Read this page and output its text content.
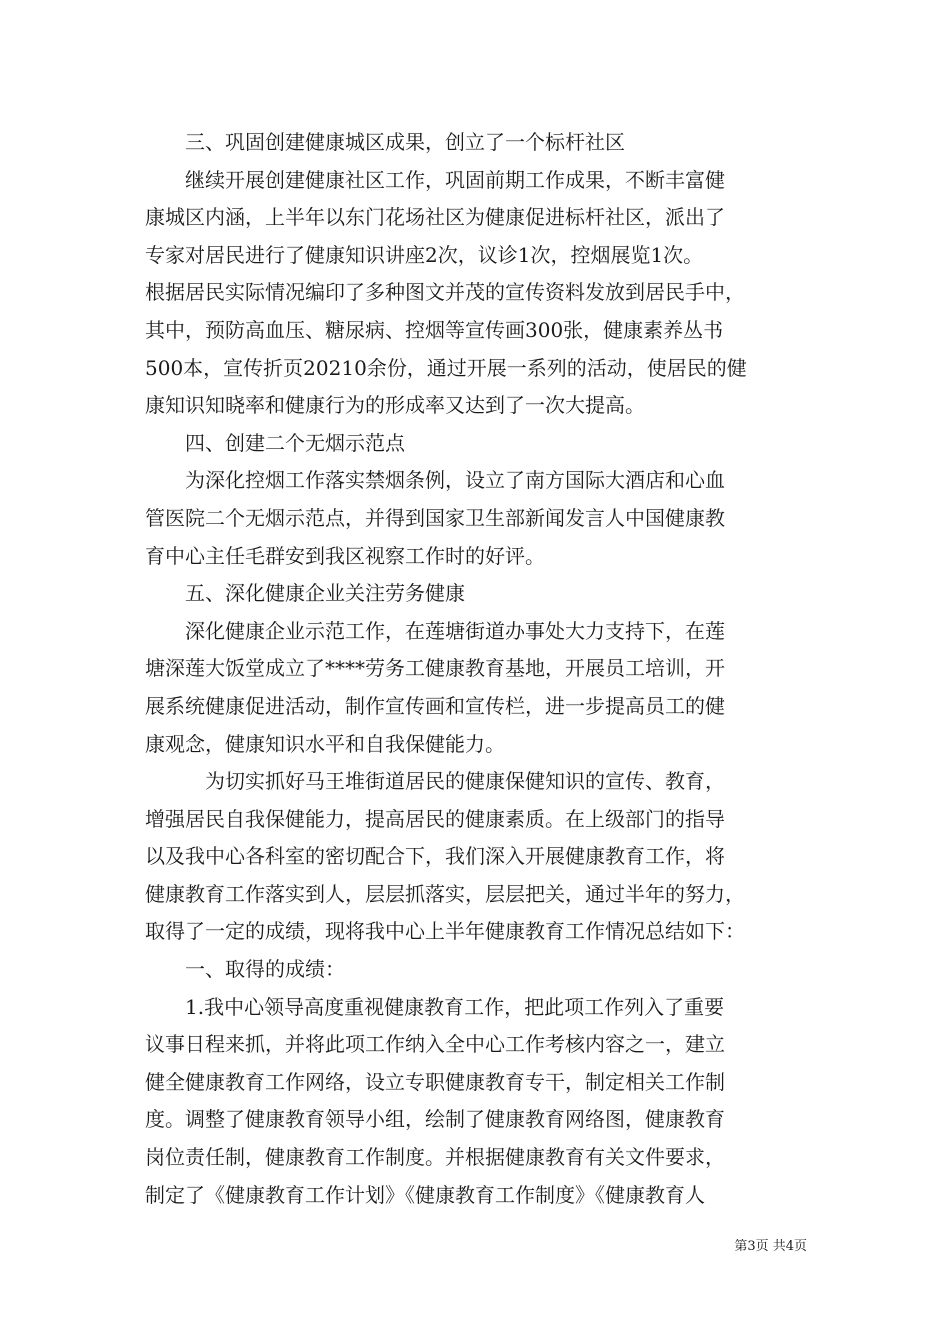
　　三、巩固创建健康城区成果，创立了一个标杆社区
　　继续开展创建健康社区工作，巩固前期工作成果，不断丰富健
康城区内涵，上半年以东门花场社区为健康促进标杆社区，派出了
专家对居民进行了健康知识讲座2次，议诊1次，控烟展览1次。
根据居民实际情况编印了多种图文并茂的宣传资料发放到居民手中，
其中，预防高血压、糖尿病、控烟等宣传画300张，健康素养丛书
500本，宣传折页20210余份，通过开展一系列的活动，使居民的健
康知识知晓率和健康行为的形成率又达到了一次大提高。
　　四、创建二个无烟示范点
　　为深化控烟工作落实禁烟条例，设立了南方国际大酒店和心血
管医院二个无烟示范点，并得到国家卫生部新闻发言人中国健康教
育中心主任毛群安到我区视察工作时的好评。
　　五、深化健康企业关注劳务健康
　　深化健康企业示范工作，在莲塘街道办事处大力支持下，在莲
塘深莲大饭堂成立了****劳务工健康教育基地，开展员工培训，开
展系统健康促进活动，制作宣传画和宣传栏，进一步提高员工的健
康观念，健康知识水平和自我保健能力。
　　　为切实抓好马王堆街道居民的健康保健知识的宣传、教育，
增强居民自我保健能力，提高居民的健康素质。在上级部门的指导
以及我中心各科室的密切配合下，我们深入开展健康教育工作，将
健康教育工作落实到人，层层抓落实，层层把关，通过半年的努力，
取得了一定的成绩，现将我中心上半年健康教育工作情况总结如下：
　　一、取得的成绩：
　　1.我中心领导高度重视健康教育工作，把此项工作列入了重要
议事日程来抓，并将此项工作纳入全中心工作考核内容之一，建立
健全健康教育工作网络，设立专职健康教育专干，制定相关工作制
度。调整了健康教育领导小组，绘制了健康教育网络图，健康教育
岗位责任制，健康教育工作制度。并根据健康教育有关文件要求，
制定了《健康教育工作计划》《健康教育工作制度》《健康教育人
第3页 共4页
